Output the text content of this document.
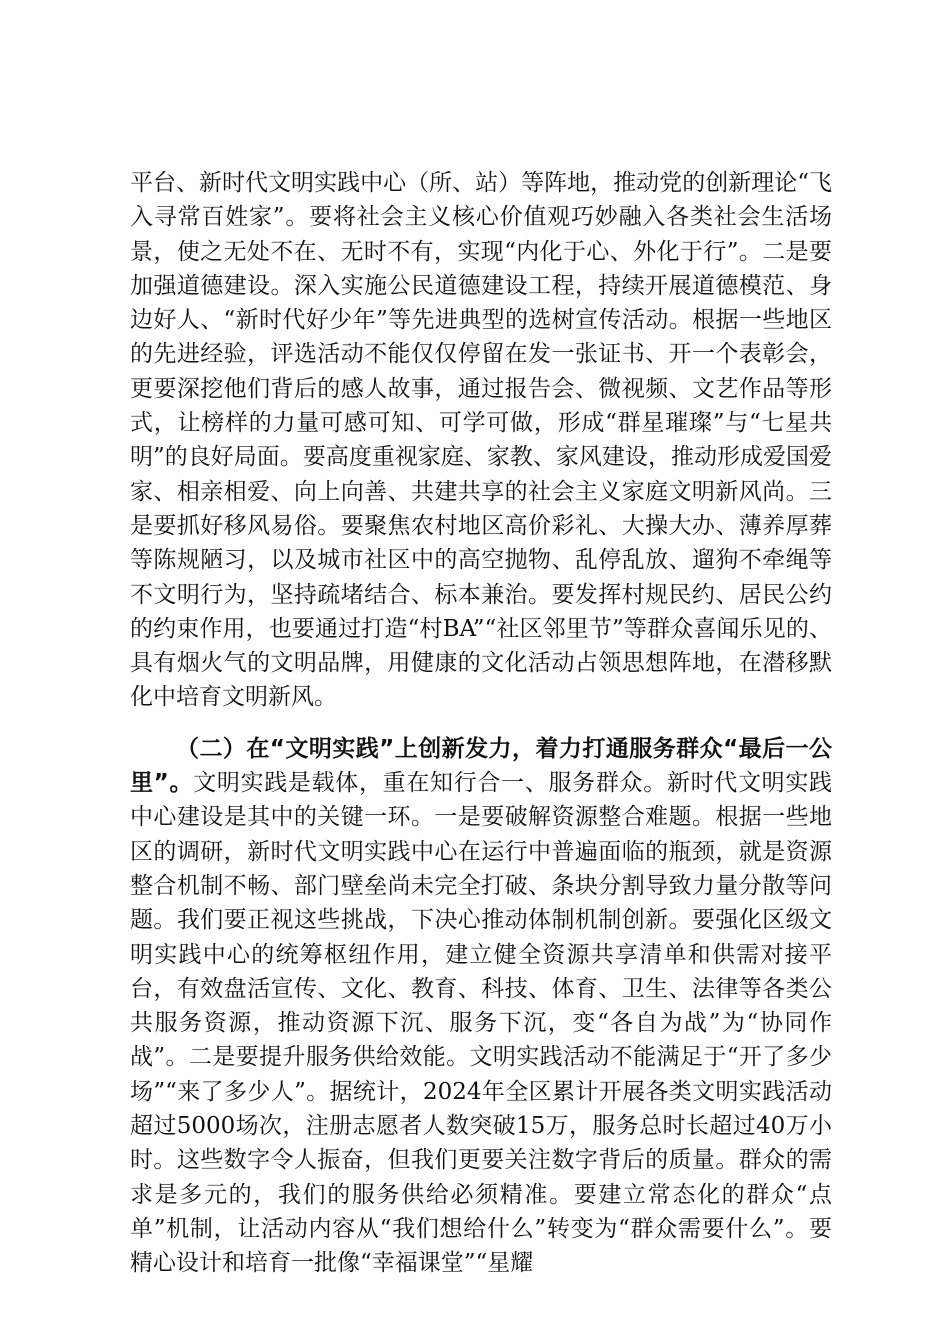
平台、新时代文明实践中心（所、站）等阵地，推动党的创新理论“飞入寻常百姓家”。要将社会主义核心价值观巧妙融入各类社会生活场景，使之无处不在、无时不有，实现“内化于心、外化于行”。二是要加强道德建设。深入实施公民道德建设工程，持续开展道德模范、身边好人、“新时代好少年”等先进典型的选树宣传活动。根据一些地区的先进经验，评选活动不能仅仅停留在发一张证书、开一个表彰会，更要深挖他们背后的感人故事，通过报告会、微视频、文艺作品等形式，让榜样的力量可感可知、可学可做，形成“群星璀璨”与“七星共明”的良好局面。要高度重视家庭、家教、家风建设，推动形成爱国爱家、相亲相爱、向上向善、共建共享的社会主义家庭文明新风尚。三是要抓好移风易俗。要聚焦农村地区高价彩礼、大操大办、薄养厚葬等陈规陋习，以及城市社区中的高空抛物、乱停乱放、遛狗不牵绳等不文明行为，坚持疏堵结合、标本兼治。要发挥村规民约、居民公约的约束作用，也要通过打造“村BA”“社区邻里节”等群众喜闻乐见的、具有烟火气的文明品牌，用健康的文化活动占领思想阵地，在潜移默化中培育文明新风。

（二）在“文明实践”上创新发力，着力打通服务群众“最后一公里”。文明实践是载体，重在知行合一、服务群众。新时代文明实践中心建设是其中的关键一环。一是要破解资源整合难题。根据一些地区的调研，新时代文明实践中心在运行中普遍面临的瓶颈，就是资源整合机制不畅、部门壁垒尚未完全打破、条块分割导致力量分散等问题。我们要正视这些挑战，下决心推动体制机制创新。要强化区级文明实践中心的统筹枢纽作用，建立健全资源共享清单和供需对接平台，有效盘活宣传、文化、教育、科技、体育、卫生、法律等各类公共服务资源，推动资源下沉、服务下沉，变“各自为战”为“协同作战”。二是要提升服务供给效能。文明实践活动不能满足于“开了多少场”“来了多少人”。据统计，2024年全区累计开展各类文明实践活动超过5000场次，注册志愿者人数突破15万，服务总时长超过40万小时。这些数字令人振奋，但我们更要关注数字背后的质量。群众的需求是多元的，我们的服务供给必须精准。要建立常态化的群众“点单”机制，让活动内容从“我们想给什么”转变为“群众需要什么”。要精心设计和培育一批像“幸福课堂”“星耀
